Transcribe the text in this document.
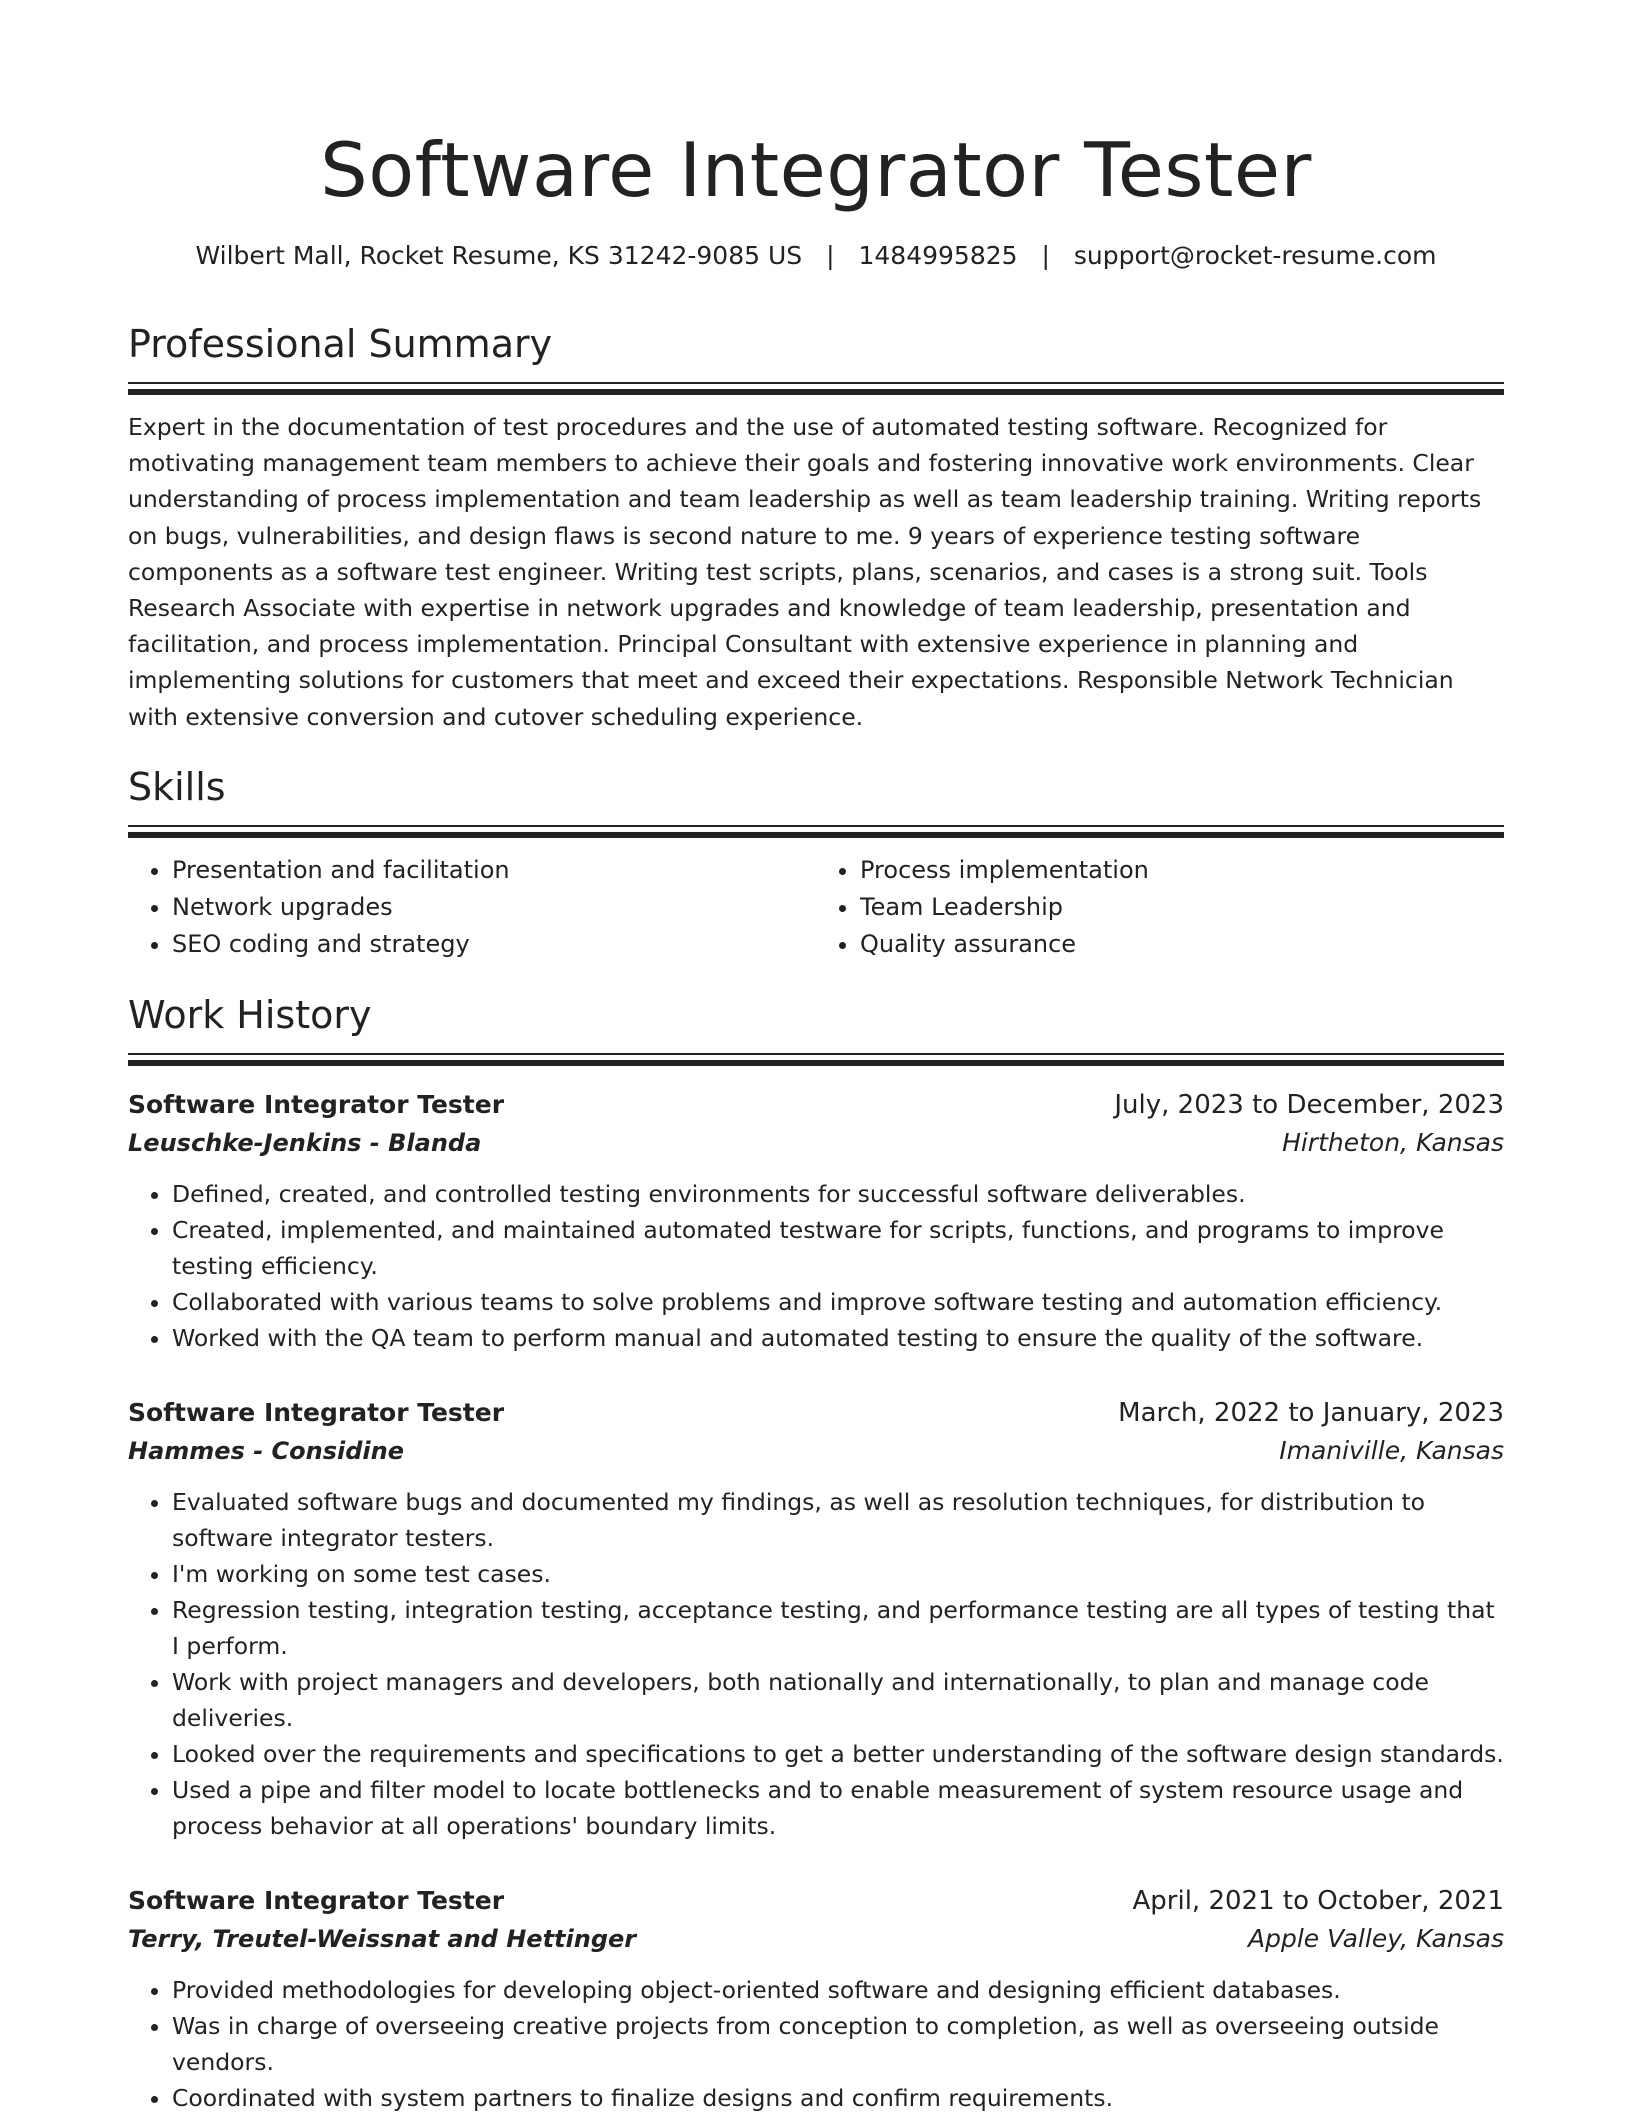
Software Integrator Tester
Wilbert Mall, Rocket Resume, KS 31242-9085 US | 1484995825 | support@rocket-resume.com
Professional Summary

Expert in the documentation of test procedures and the use of automated testing software. Recognized for motivating management team members to achieve their goals and fostering innovative work environments. Clear understanding of process implementation and team leadership as well as team leadership training. Writing reports on bugs, vulnerabilities, and design flaws is second nature to me. 9 years of experience testing software components as a software test engineer. Writing test scripts, plans, scenarios, and cases is a strong suit. Tools Research Associate with expertise in network upgrades and knowledge of team leadership, presentation and facilitation, and process implementation. Principal Consultant with extensive experience in planning and implementing solutions for customers that meet and exceed their expectations. Responsible Network Technician with extensive conversion and cutover scheduling experience.

Skills
• Presentation and facilitation
• Network upgrades
• SEO coding and strategy
• Process implementation
• Team Leadership
• Quality assurance
Work History
Software Integrator Tester	July, 2023 to December, 2023
Leuschke-Jenkins - Blanda	Hirtheton, Kansas
• Defined, created, and controlled testing environments for successful software deliverables.
• Created, implemented, and maintained automated testware for scripts, functions, and programs to improve testing efficiency.
• Collaborated with various teams to solve problems and improve software testing and automation efficiency.
• Worked with the QA team to perform manual and automated testing to ensure the quality of the software.
Software Integrator Tester	March, 2022 to January, 2023
Hammes - Considine	Imaniville, Kansas
• Evaluated software bugs and documented my findings, as well as resolution techniques, for distribution to software integrator testers.
• I'm working on some test cases.
• Regression testing, integration testing, acceptance testing, and performance testing are all types of testing that I perform.
• Work with project managers and developers, both nationally and internationally, to plan and manage code deliveries.
• Looked over the requirements and specifications to get a better understanding of the software design standards.
• Used a pipe and filter model to locate bottlenecks and to enable measurement of system resource usage and process behavior at all operations' boundary limits.
Software Integrator Tester	April, 2021 to October, 2021
Terry, Treutel-Weissnat and Hettinger	Apple Valley, Kansas
• Provided methodologies for developing object-oriented software and designing efficient databases.
• Was in charge of overseeing creative projects from conception to completion, as well as overseeing outside vendors.
• Coordinated with system partners to finalize designs and confirm requirements.
